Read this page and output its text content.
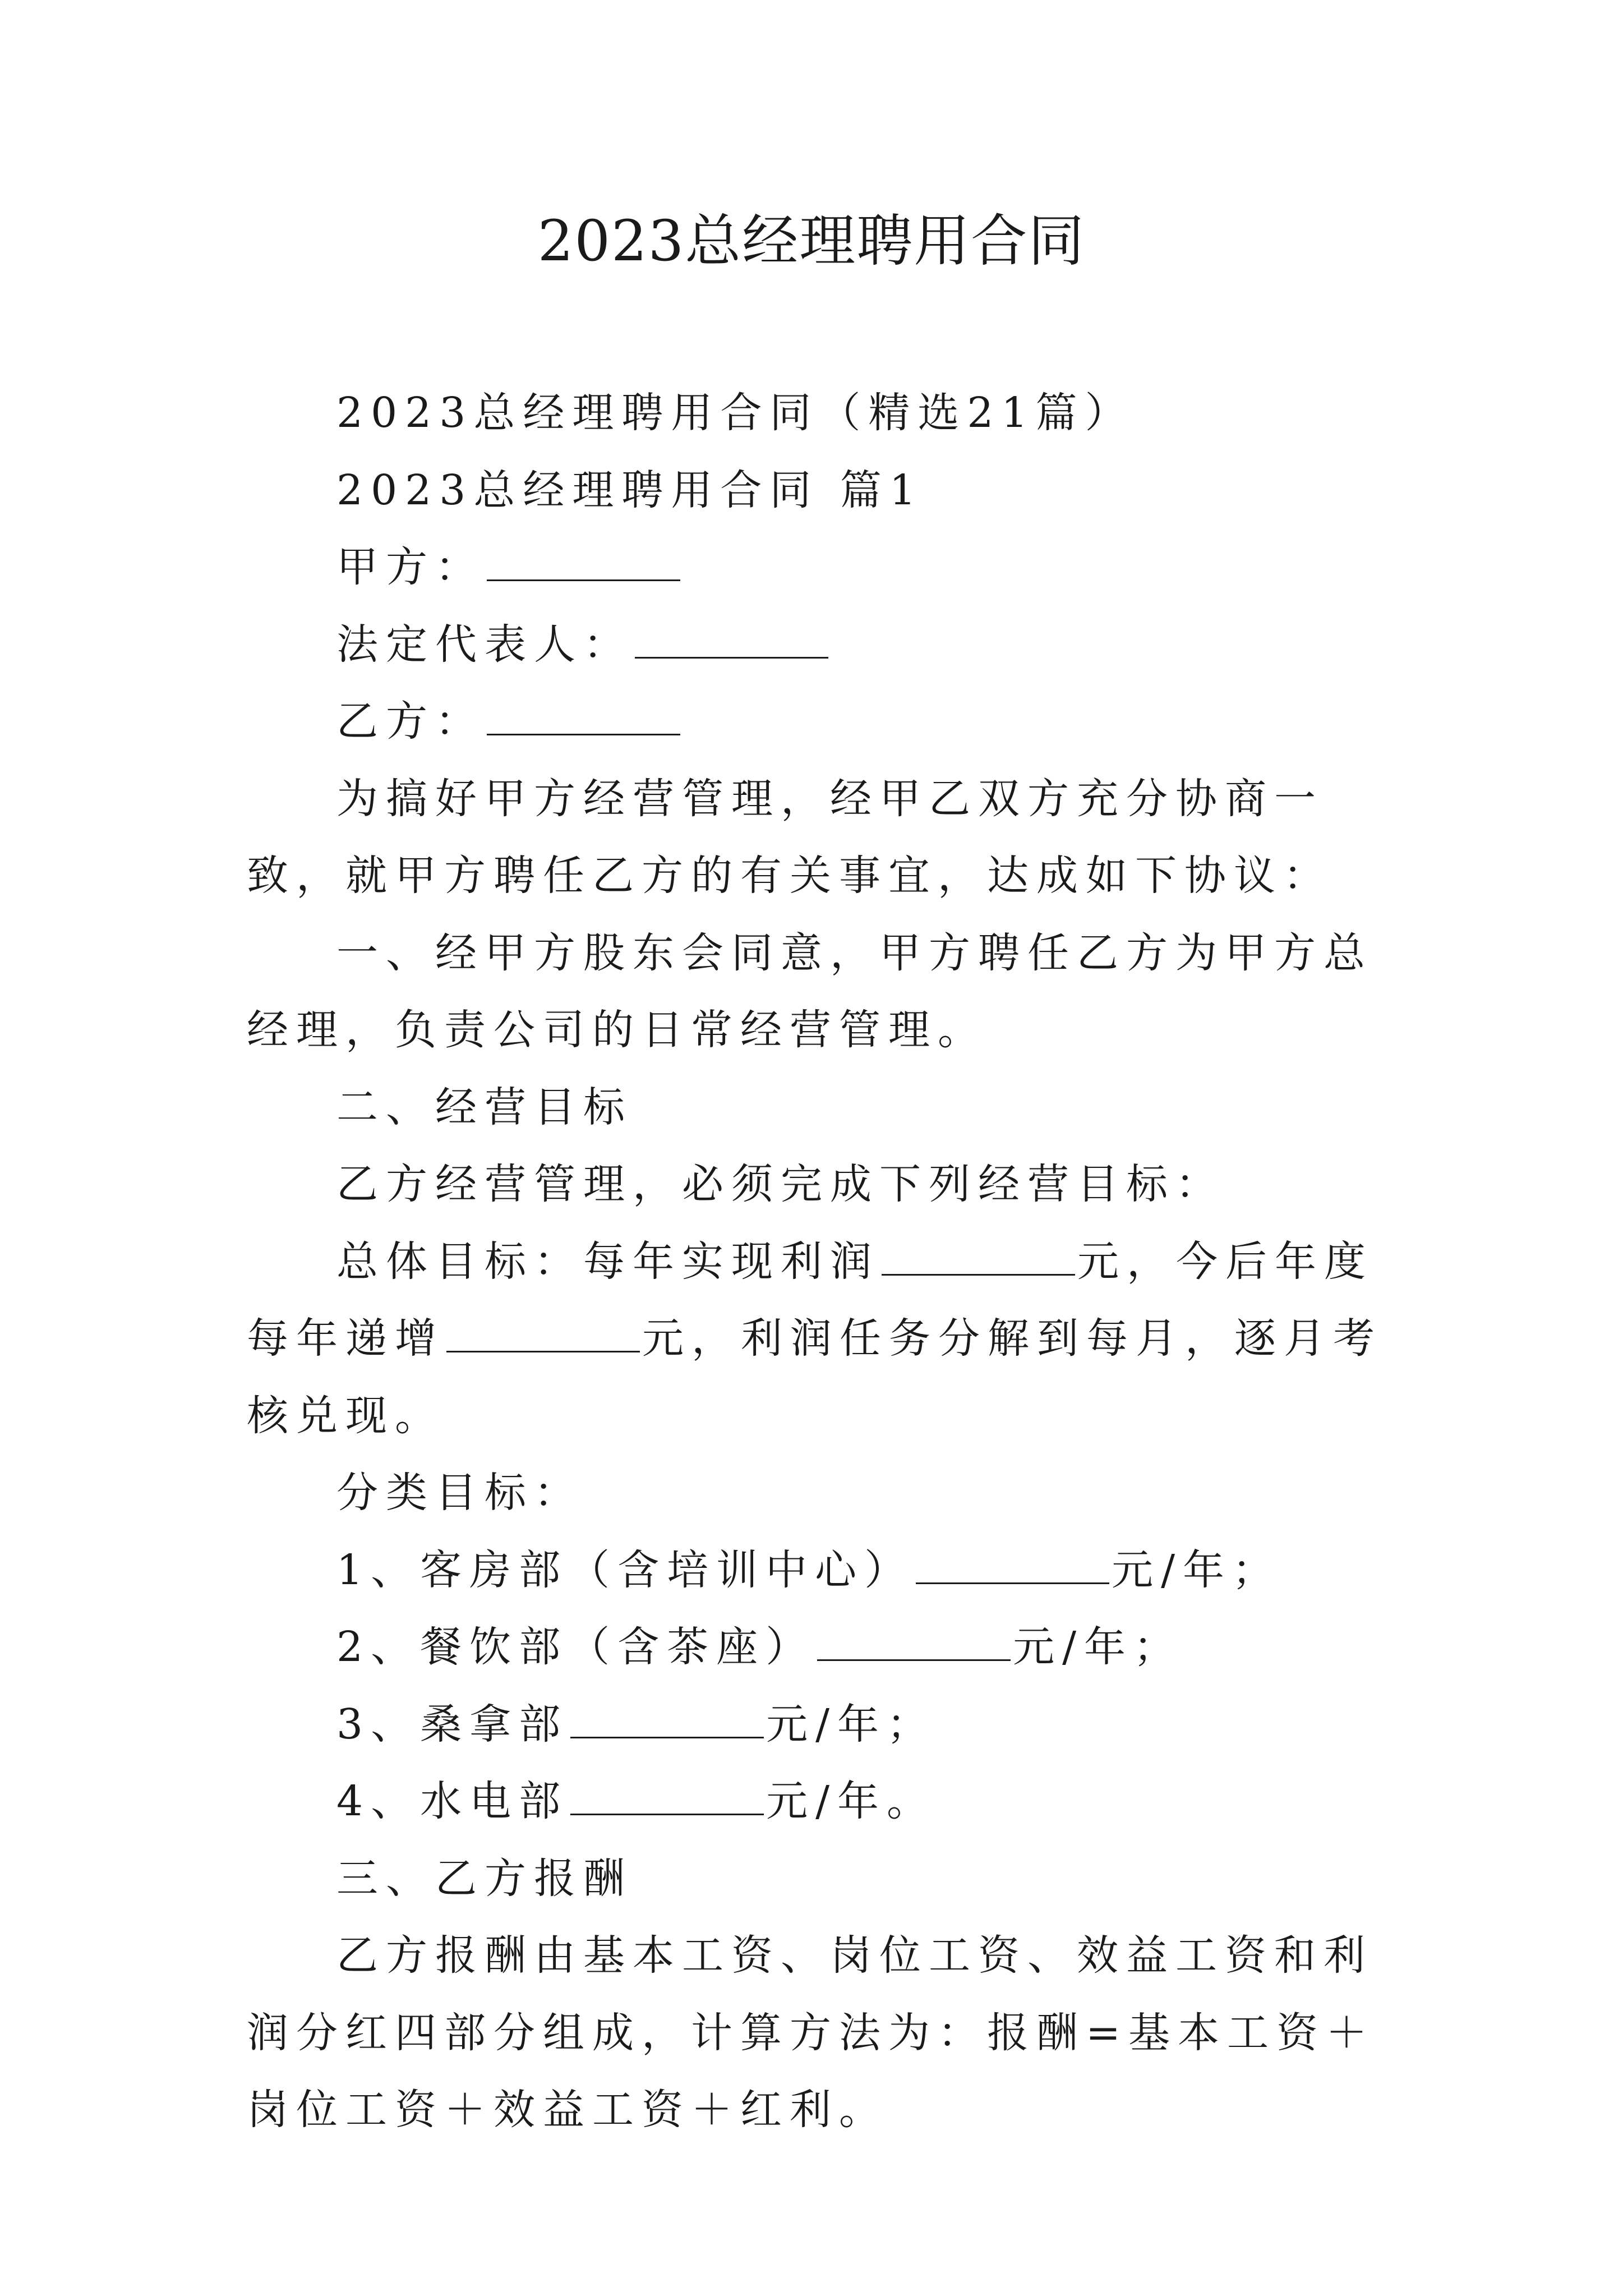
2023总经理聘用合同

2023总经理聘用合同（精选21篇）

2023总经理聘用合同 篇1

甲方：

法定代表人：

乙方：

为搞好甲方经营管理，经甲乙双方充分协商一致，就甲方聘任乙方的有关事宜，达成如下协议：

一、经甲方股东会同意，甲方聘任乙方为甲方总经理，负责公司的日常经营管理。

二、经营目标

乙方经营管理，必须完成下列经营目标：

总体目标：每年实现利润	元，今后年度每年递增	元，利润任务分解到每月，逐月考核兑现。

分类目标：

1、客房部（含培训中心）	元/年；

2、餐饮部（含茶座）	元/年；

3、桑拿部	元/年；

4、水电部	元/年。

三、乙方报酬

乙方报酬由基本工资、岗位工资、效益工资和利润分红四部分组成，计算方法为：报酬=基本工资＋岗位工资＋效益工资＋红利。
